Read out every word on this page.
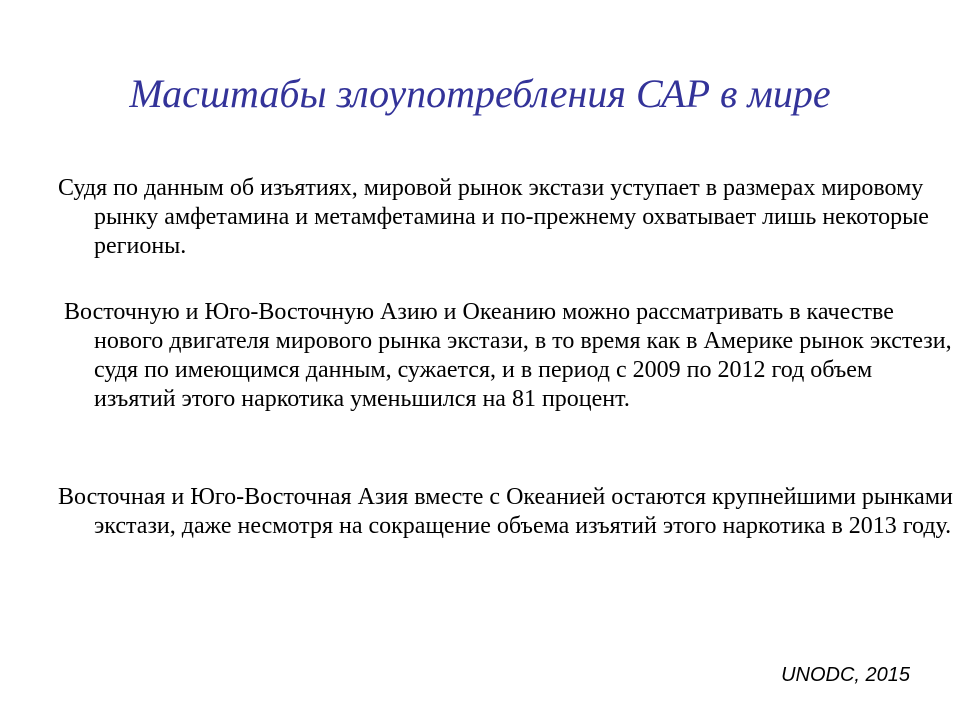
Масштабы злоупотребления САР в мире

Судя по данным об изъятиях, мировой рынок экстази уступает в размерах мировому рынку амфетамина и метамфетамина и по-прежнему охватывает лишь некоторые регионы.

Восточную и Юго-Восточную Азию и Океанию можно рассматривать в качестве нового двигателя мирового рынка экстази, в то время как в Америке рынок экстези, судя по имеющимся данным, сужается, и в период с 2009 по 2012 год объем изъятий этого наркотика уменьшился на 81 процент.

Восточная и Юго-Восточная Азия вместе с Океанией остаются крупнейшими рынками экстази, даже несмотря на сокращение объема изъятий этого наркотика в 2013 году.

UNODC, 2015
